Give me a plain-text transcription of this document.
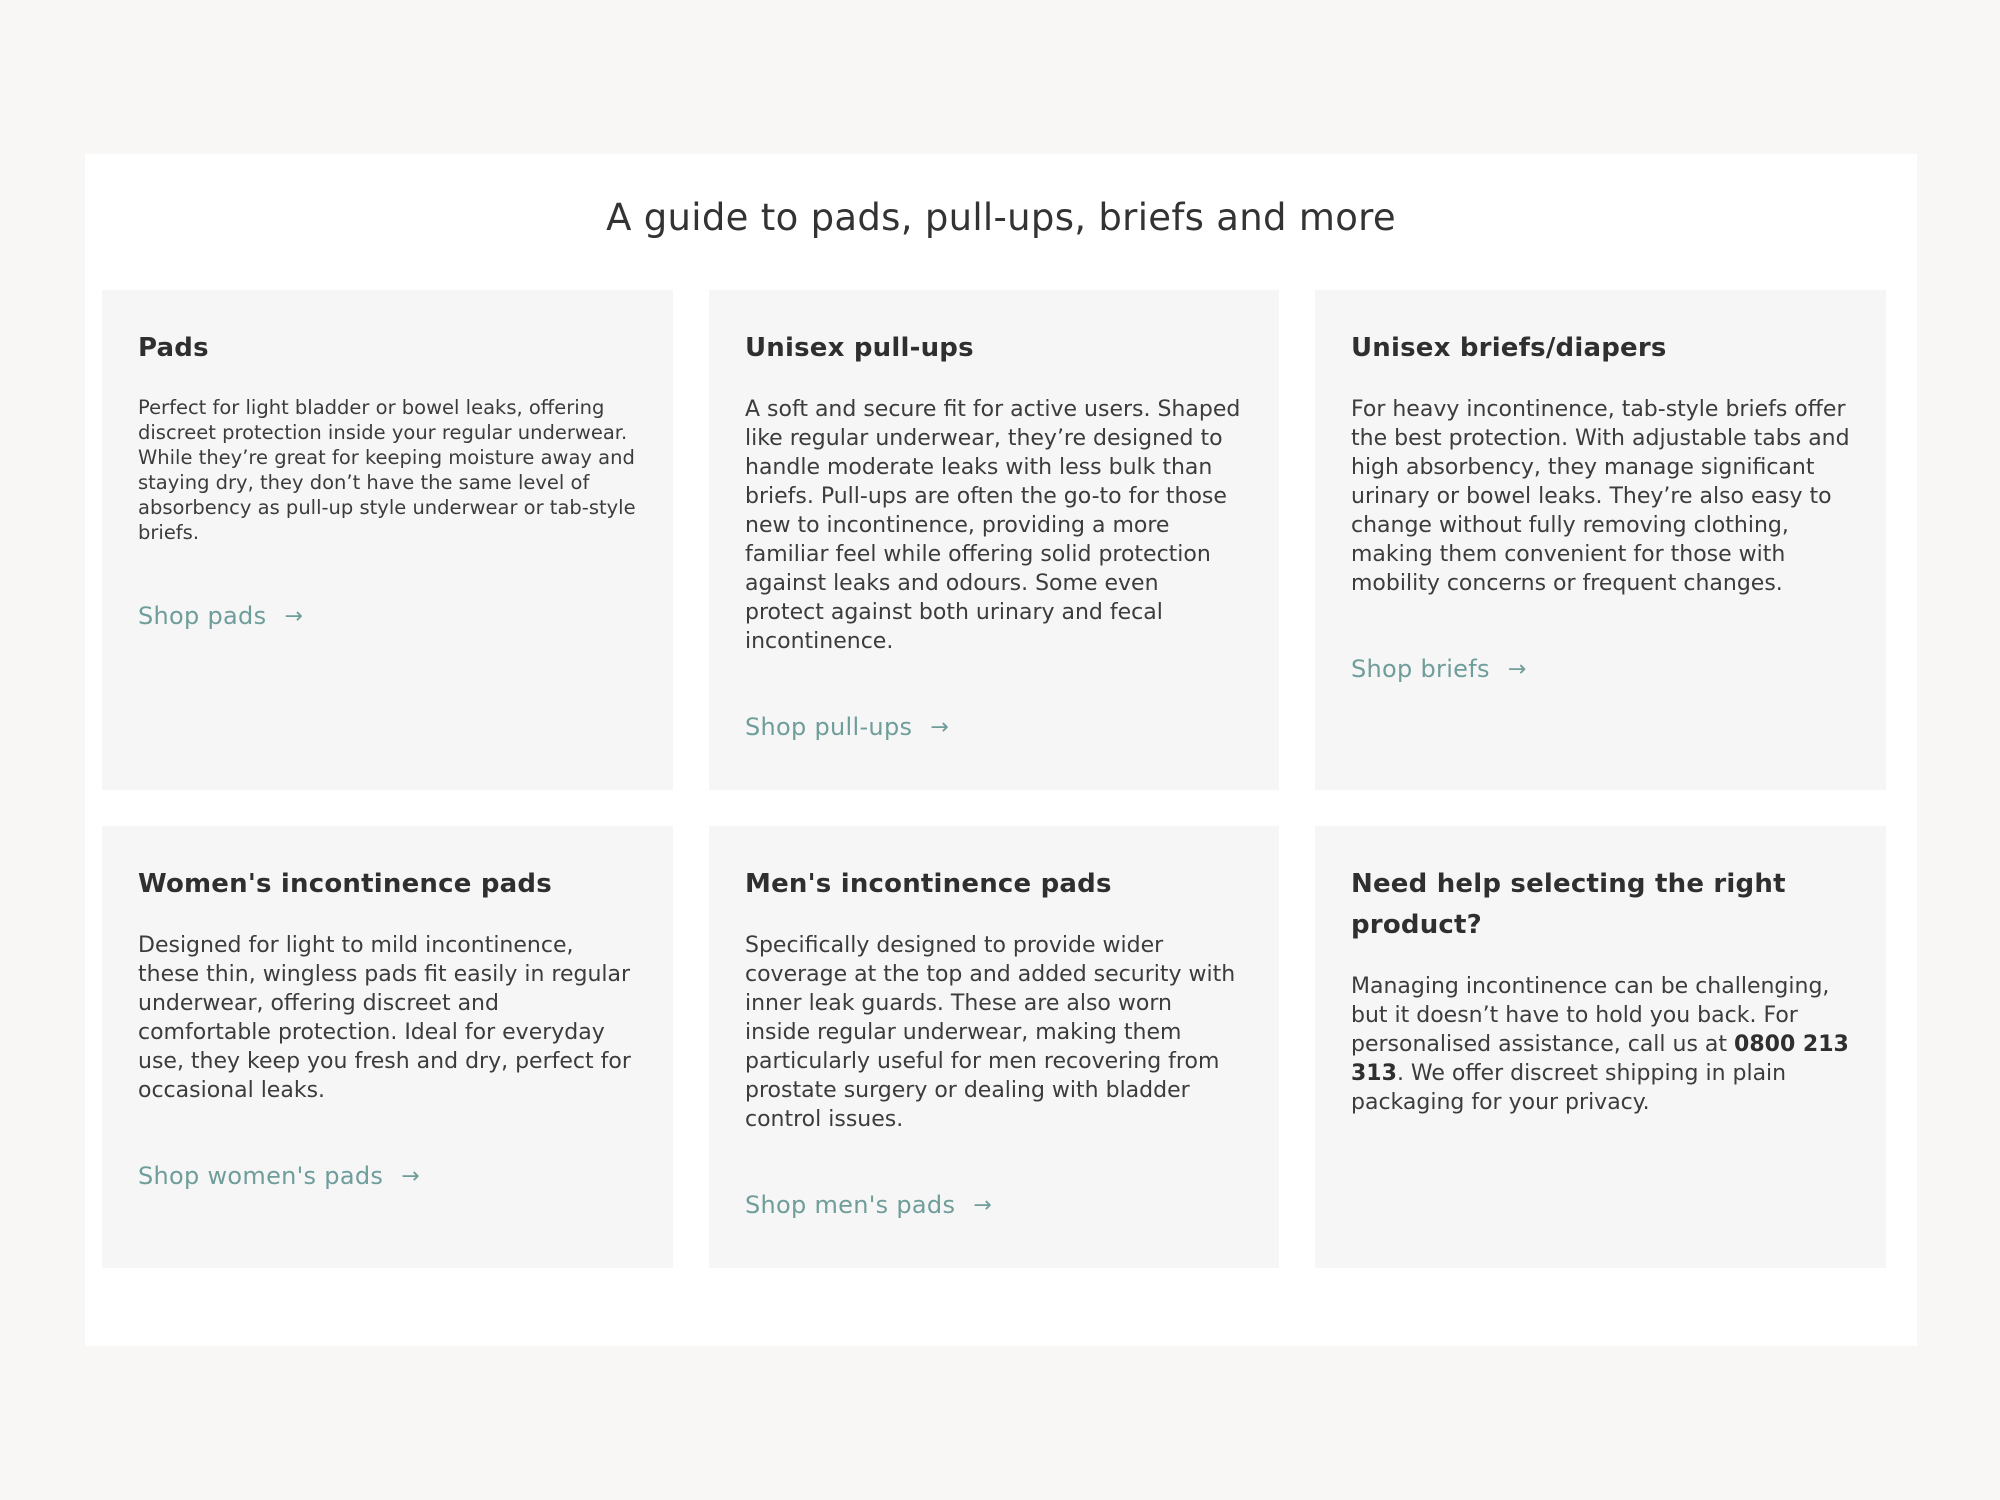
A guide to pads, pull-ups, briefs and more
Pads

Perfect for light bladder or bowel leaks, offering discreet protection inside your regular underwear. While they’re great for keeping moisture away and staying dry, they don’t have the same level of absorbency as pull-up style underwear or tab-style briefs.

Shop pads →
Unisex pull-ups

A soft and secure fit for active users. Shaped like regular underwear, they’re designed to handle moderate leaks with less bulk than briefs. Pull-ups are often the go-to for those new to incontinence, providing a more familiar feel while offering solid protection against leaks and odours. Some even protect against both urinary and fecal incontinence.

Shop pull-ups →
Unisex briefs/diapers

For heavy incontinence, tab-style briefs offer the best protection. With adjustable tabs and high absorbency, they manage significant urinary or bowel leaks. They’re also easy to change without fully removing clothing, making them convenient for those with mobility concerns or frequent changes.

Shop briefs →
Women's incontinence pads

Designed for light to mild incontinence, these thin, wingless pads fit easily in regular underwear, offering discreet and comfortable protection. Ideal for everyday use, they keep you fresh and dry, perfect for occasional leaks.

Shop women's pads →
Men's incontinence pads

Specifically designed to provide wider coverage at the top and added security with inner leak guards. These are also worn inside regular underwear, making them particularly useful for men recovering from prostate surgery or dealing with bladder control issues.

Shop men's pads →
Need help selecting the right product?

Managing incontinence can be challenging, but it doesn’t have to hold you back. For personalised assistance, call us at 0800 213 313. We offer discreet shipping in plain packaging for your privacy.
